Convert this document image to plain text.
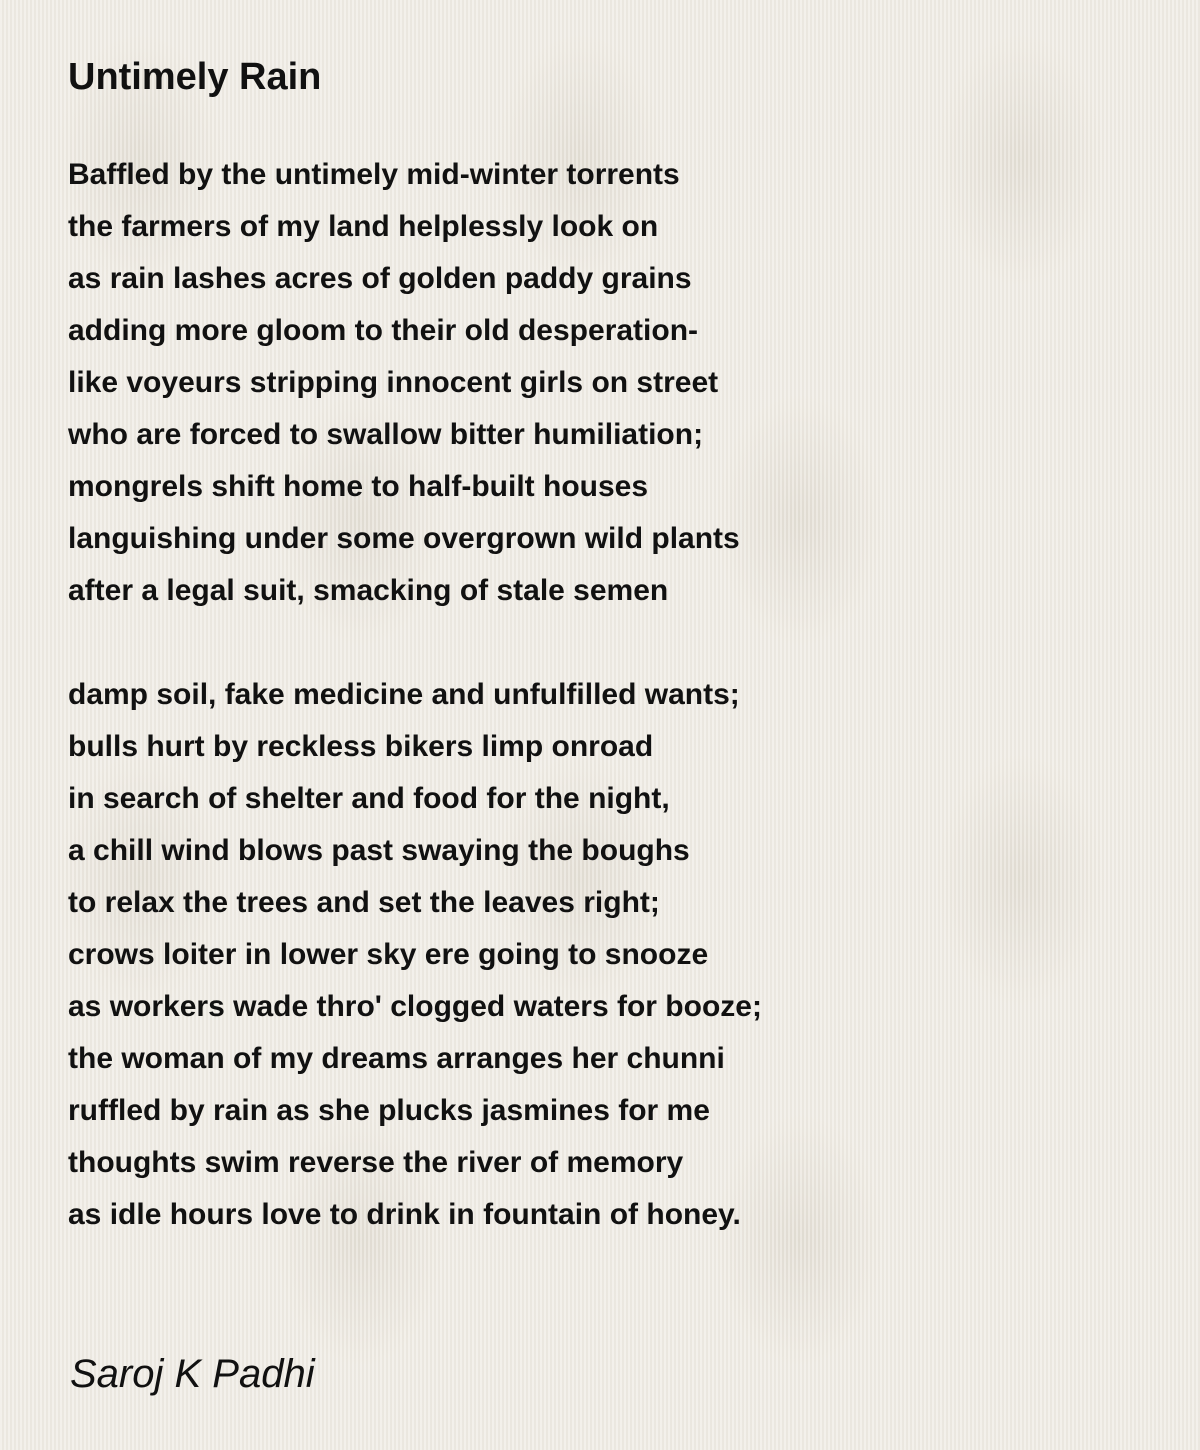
Untimely Rain
Baffled by the untimely mid-winter torrents
the farmers of my land helplessly look on
as rain lashes acres of golden paddy grains
adding more gloom to their old desperation-
like voyeurs stripping innocent girls on street
who are forced to swallow bitter humiliation;
mongrels shift home to half-built houses
languishing under some overgrown wild plants
after a legal suit, smacking of stale semen
damp soil, fake medicine and unfulfilled wants;
bulls hurt by reckless bikers limp onroad
in search of shelter and food for the night,
a chill wind blows past swaying the boughs
to relax the trees and set the leaves right;
crows loiter in lower sky ere going to snooze
as workers wade thro' clogged waters for booze;
the woman of my dreams arranges her chunni
ruffled by rain as she plucks jasmines for me
thoughts swim reverse the river of memory
as idle hours love to drink in fountain of honey.
Saroj K Padhi
